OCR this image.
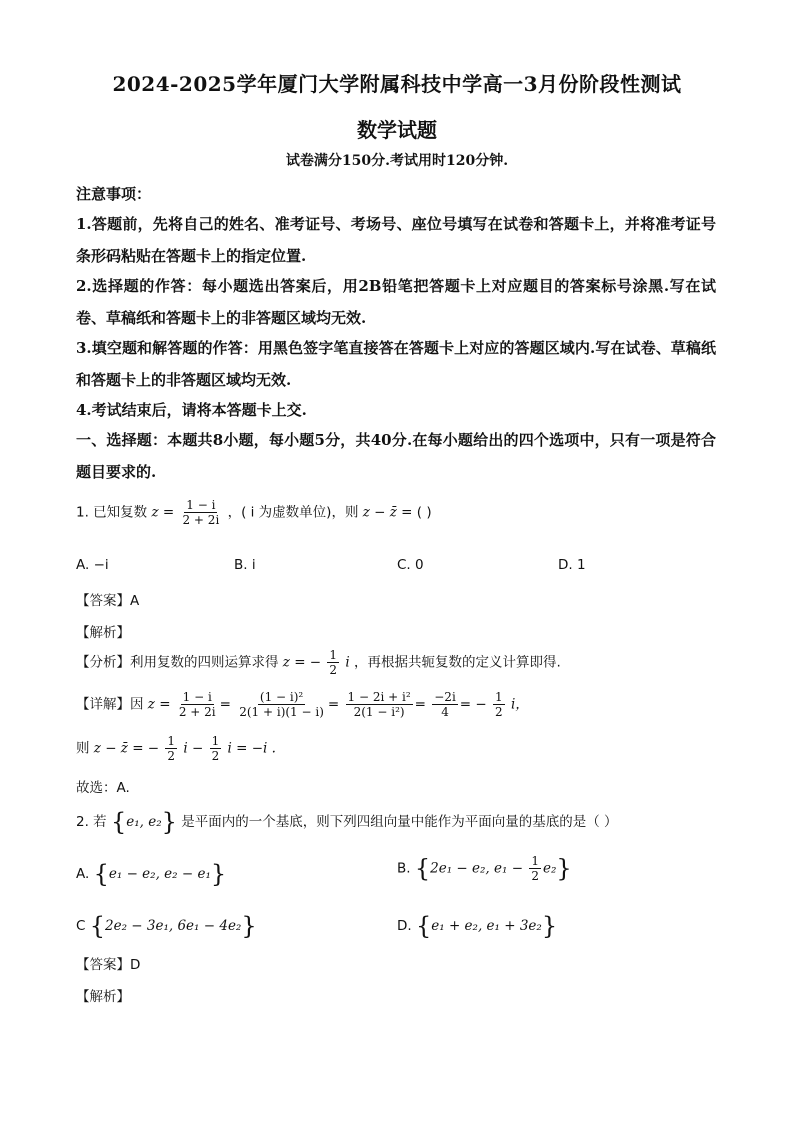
2024-2025学年厦门大学附属科技中学高一3月份阶段性测试
数学试题
试卷满分150分.考试用时120分钟.
注意事项：
1.答题前，先将自己的姓名、准考证号、考场号、座位号填写在试卷和答题卡上，并将准考证号条形码粘贴在答题卡上的指定位置.
2.选择题的作答：每小题选出答案后，用2B铅笔把答题卡上对应题目的答案标号涂黑.写在试卷、草稿纸和答题卡上的非答题区域均无效.
3.填空题和解答题的作答：用黑色签字笔直接答在答题卡上对应的答题区域内.写在试卷、草稿纸和答题卡上的非答题区域均无效.
4.考试结束后，请将本答题卡上交.
一、选择题：本题共8小题，每小题5分，共40分.在每小题给出的四个选项中，只有一项是符合题目要求的.
1. 已知复数 $z = \frac{1 - i}{2 + 2i}$ ，( i 为虚数单位)，则 z − z̄ = ( )
A. −i	B. i	C. 0	D. 1
【答案】A
【解析】
【分析】利用复数的四则运算求得 z = − $\frac{1}{2}$ i ，再根据共轭复数的定义计算即得.
【详解】因 $z = \frac{1 - i}{2 + 2i} = \frac{\text{(1 − i)²}}{2(1 + i)(1 - i)} = \frac{\text{1 − 2i + i²}}{\text{2(1 − i²)}} = \frac{-2i}{4}$ = − $\frac{1}{2}$ i，
则 z − z̄ = − $\frac{1}{2}$ $i - \frac{1}{2}$ i = −i .
故选：A.
2. 若 {e₁, e₂} 是平面内的一个基底，则下列四组向量中能作为平面向量的基底的是（ ）
A. {e₁ − e₂, e₂ − e₁}	B. {2e₁ − e₂, $e_1 - \frac{1}{2} e_2$}
C {2e₂ − 3e₁, 6e₁ − 4e₂}	D. {e₁ + e₂, e₁ + 3e₂}
【答案】D
【解析】
